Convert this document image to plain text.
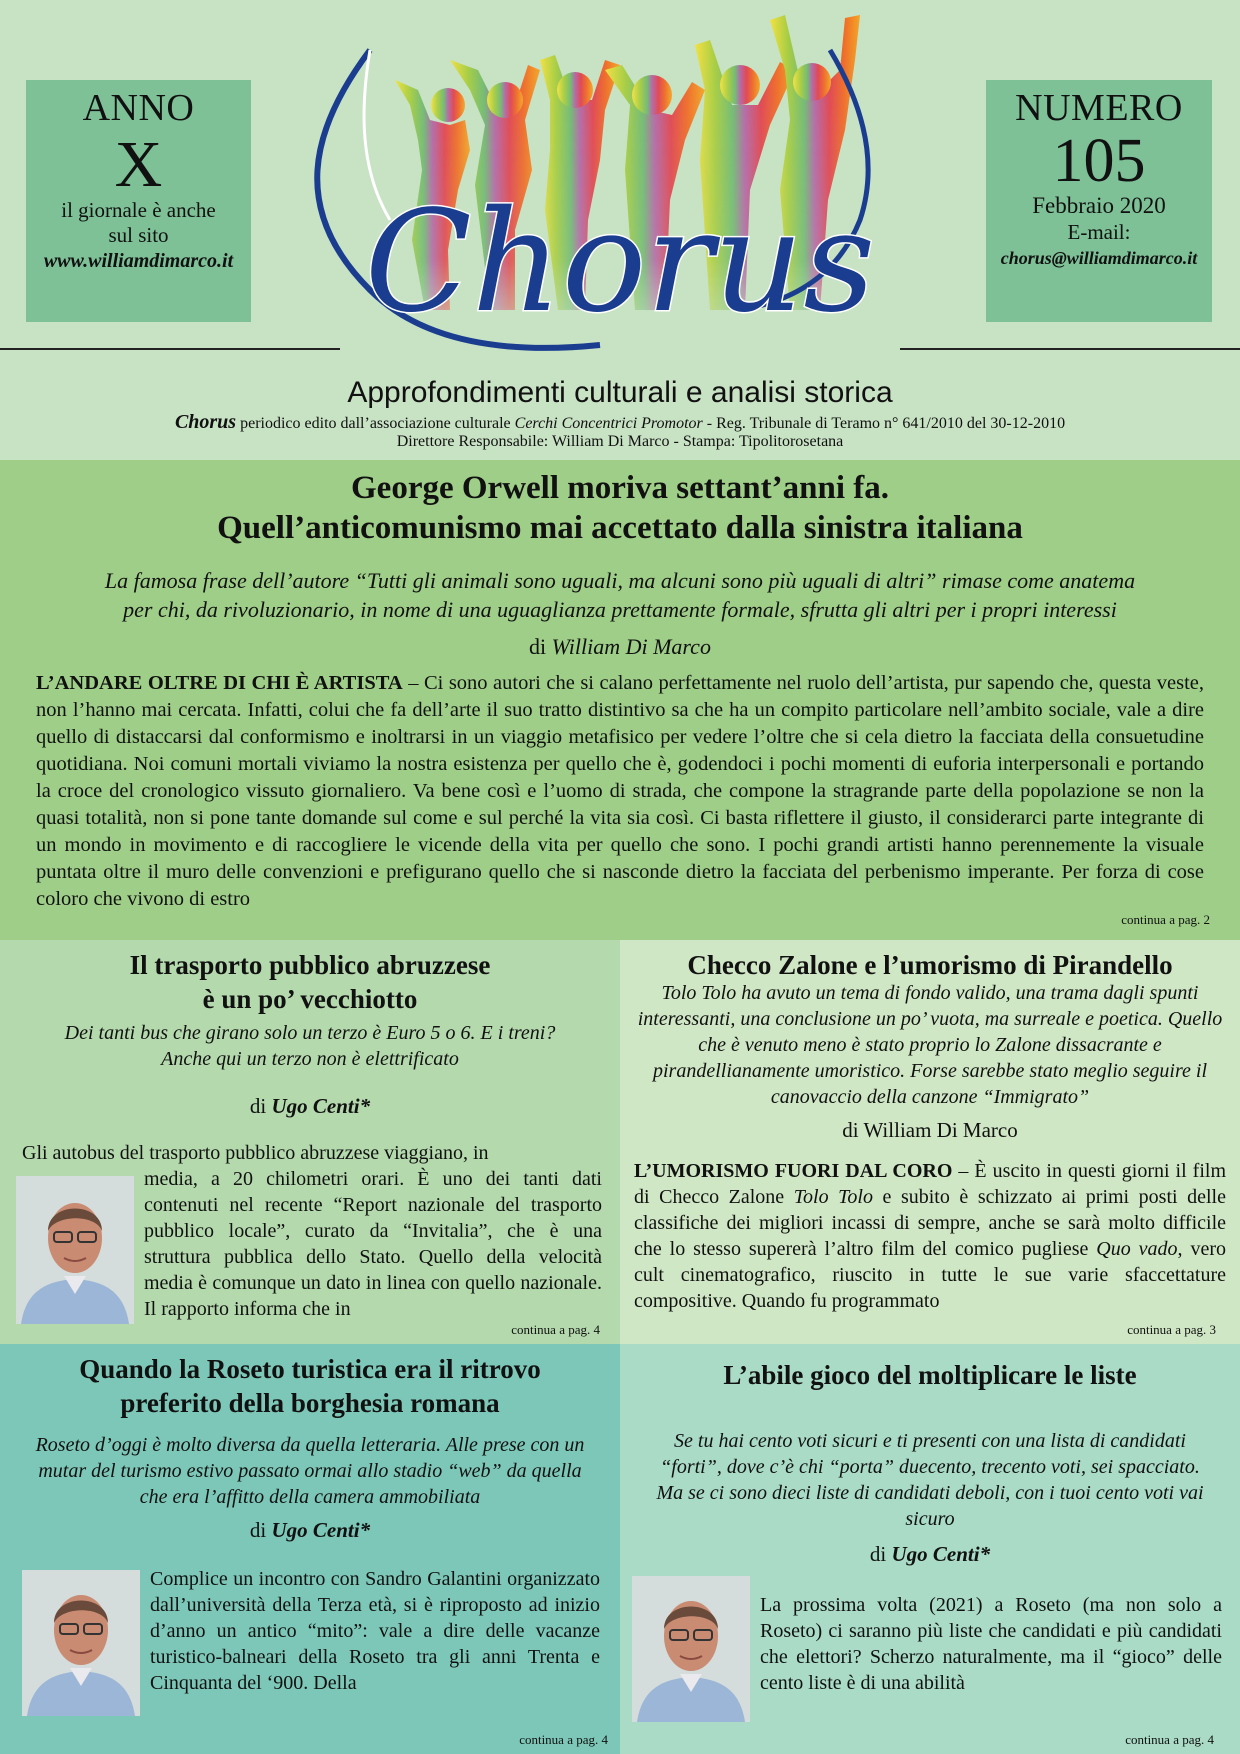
ANNO
X
il giornale è anche
sul sito
www.williamdimarco.it
NUMERO
105
Febbraio 2020
E-mail:
chorus@williamdimarco.it
Chorus
Approfondimenti culturali e analisi storica
Chorus periodico edito dall’associazione culturale Cerchi Concentrici Promotor - Reg. Tribunale di Teramo n° 641/2010 del 30-12-2010
Direttore Responsabile: William Di Marco - Stampa: Tipolitorosetana
George Orwell moriva settant’anni fa.
Quell’anticomunismo mai accettato dalla sinistra italiana
La famosa frase dell’autore “Tutti gli animali sono uguali, ma alcuni sono più uguali di altri” rimase come anatema
per chi, da rivoluzionario, in nome di una uguaglianza prettamente formale, sfrutta gli altri per i propri interessi
di William Di Marco
L’ANDARE OLTRE DI CHI È ARTISTA – Ci sono autori che si calano perfettamente nel ruolo dell’artista, pur sapendo che, questa veste, non l’hanno mai cercata. Infatti, colui che fa dell’arte il suo tratto distintivo sa che ha un compito particolare nell’ambito sociale, vale a dire quello di distaccarsi dal conformismo e inoltrarsi in un viaggio metafisico per vedere l’oltre che si cela dietro la facciata della consuetudine quotidiana. Noi comuni mortali viviamo la nostra esistenza per quello che è, godendoci i pochi momenti di euforia interpersonali e portando la croce del cronologico vissuto giornaliero. Va bene così e l’uomo di strada, che compone la stragrande parte della popolazione se non la quasi totalità, non si pone tante domande sul come e sul perché la vita sia così. Ci basta riflettere il giusto, il considerarci parte integrante di un mondo in movimento e di raccogliere le vicende della vita per quello che sono. I pochi grandi artisti hanno perennemente la visuale puntata oltre il muro delle convenzioni e prefigurano quello che si nasconde dietro la facciata del perbenismo imperante. Per forza di cose coloro che vivono di estro
continua a pag. 2
Il trasporto pubblico abruzzese
è un po’ vecchiotto
Dei tanti bus che girano solo un terzo è Euro 5 o 6. E i treni?
Anche qui un terzo non è elettrificato
di Ugo Centi*
Gli autobus del trasporto pubblico abruzzese viaggiano, in
media, a 20 chilometri orari. È uno dei tanti dati contenuti nel recente “Report nazionale del trasporto pubblico locale”, curato da “Invitalia”, che è una struttura pubblica dello Stato. Quello della velocità media è comunque un dato in linea con quello nazionale. Il rapporto informa che in
continua a pag. 4
Checco Zalone e l’umorismo di Pirandello
Tolo Tolo ha avuto un tema di fondo valido, una trama dagli spunti interessanti, una conclusione un po’ vuota, ma surreale e poetica. Quello che è venuto meno è stato proprio lo Zalone dissacrante e pirandellianamente umoristico. Forse sarebbe stato meglio seguire il canovaccio della canzone “Immigrato”
di William Di Marco
L’UMORISMO FUORI DAL CORO – È uscito in questi giorni il film di Checco Zalone Tolo Tolo e subito è schizzato ai primi posti delle classifiche dei migliori incassi di sempre, anche se sarà molto difficile che lo stesso supererà l’altro film del comico pugliese Quo vado, vero cult cinematografico, riuscito in tutte le sue varie sfaccettature compositive. Quando fu programmato
continua a pag. 3
Quando la Roseto turistica era il ritrovo
preferito della borghesia romana
Roseto d’oggi è molto diversa da quella letteraria. Alle prese con un mutar del turismo estivo passato ormai allo stadio “web” da quella che era l’affitto della camera ammobiliata
di Ugo Centi*
Complice un incontro con Sandro Galantini organizzato dall’università della Terza età, si è riproposto ad inizio d’anno un antico “mito”: vale a dire delle vacanze turistico-balneari della Roseto tra gli anni Trenta e Cinquanta del ‘900. Della
continua a pag. 4
L’abile gioco del moltiplicare le liste
Se tu hai cento voti sicuri e ti presenti con una lista di candidati “forti”, dove c’è chi “porta” duecento, trecento voti, sei spacciato. Ma se ci sono dieci liste di candidati deboli, con i tuoi cento voti vai sicuro
di Ugo Centi*
La prossima volta (2021) a Roseto (ma non solo a Roseto) ci saranno più liste che candidati e più candidati che elettori? Scherzo naturalmente, ma il “gioco” delle cento liste è di una abilità
continua a pag. 4
